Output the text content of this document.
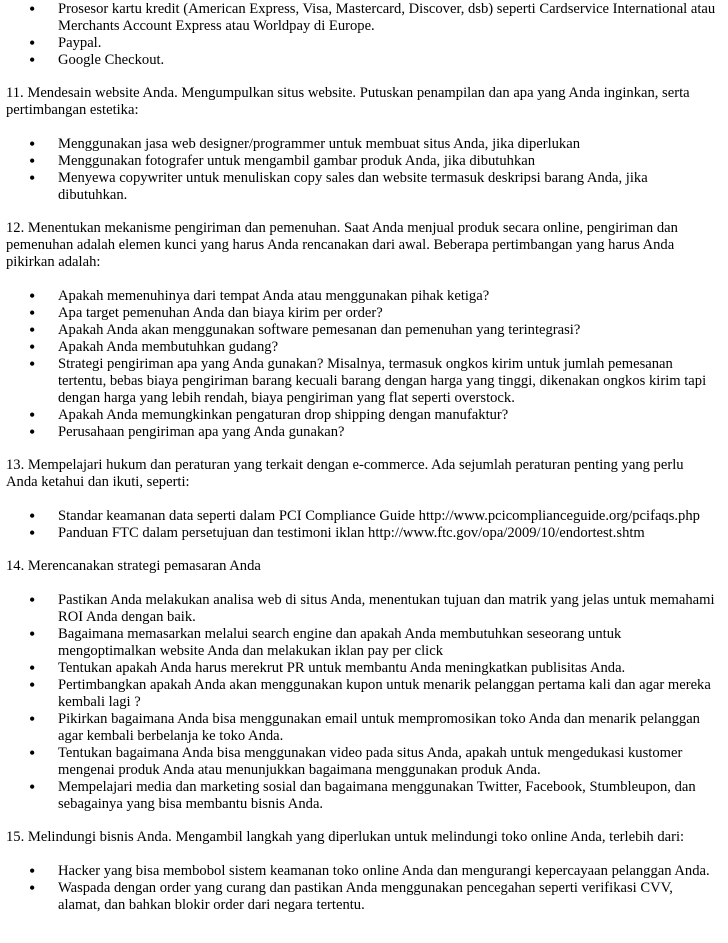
• Prosesor kartu kredit (American Express, Visa, Mastercard, Discover, dsb) seperti Cardservice International atau Merchants Account Express atau Worldpay di Europe.
• Paypal.
• Google Checkout.

11. Mendesain website Anda. Mengumpulkan situs website. Putuskan penampilan dan apa yang Anda inginkan, serta pertimbangan estetika:

• Menggunakan jasa web designer/programmer untuk membuat situs Anda, jika diperlukan
• Menggunakan fotografer untuk mengambil gambar produk Anda, jika dibutuhkan
• Menyewa copywriter untuk menuliskan copy sales dan website termasuk deskripsi barang Anda, jika dibutuhkan.

12. Menentukan mekanisme pengiriman dan pemenuhan. Saat Anda menjual produk secara online, pengiriman dan pemenuhan adalah elemen kunci yang harus Anda rencanakan dari awal. Beberapa pertimbangan yang harus Anda pikirkan adalah:

• Apakah memenuhinya dari tempat Anda atau menggunakan pihak ketiga?
• Apa target pemenuhan Anda dan biaya kirim per order?
• Apakah Anda akan menggunakan software pemesanan dan pemenuhan yang terintegrasi?
• Apakah Anda membutuhkan gudang?
• Strategi pengiriman apa yang Anda gunakan? Misalnya, termasuk ongkos kirim untuk jumlah pemesanan tertentu, bebas biaya pengiriman barang kecuali barang dengan harga yang tinggi, dikenakan ongkos kirim tapi dengan harga yang lebih rendah, biaya pengiriman yang flat seperti overstock.
• Apakah Anda memungkinkan pengaturan drop shipping dengan manufaktur?
• Perusahaan pengiriman apa yang Anda gunakan?

13. Mempelajari hukum dan peraturan yang terkait dengan e-commerce. Ada sejumlah peraturan penting yang perlu Anda ketahui dan ikuti, seperti:

• Standar keamanan data seperti dalam PCI Compliance Guide http://www.pcicomplianceguide.org/pcifaqs.php
• Panduan FTC dalam persetujuan dan testimoni iklan http://www.ftc.gov/opa/2009/10/endortest.shtm

14. Merencanakan strategi pemasaran Anda

• Pastikan Anda melakukan analisa web di situs Anda, menentukan tujuan dan matrik yang jelas untuk memahami ROI Anda dengan baik.
• Bagaimana memasarkan melalui search engine dan apakah Anda membutuhkan seseorang untuk mengoptimalkan website Anda dan melakukan iklan pay per click
• Tentukan apakah Anda harus merekrut PR untuk membantu Anda meningkatkan publisitas Anda.
• Pertimbangkan apakah Anda akan menggunakan kupon untuk menarik pelanggan pertama kali dan agar mereka kembali lagi ?
• Pikirkan bagaimana Anda bisa menggunakan email untuk mempromosikan toko Anda dan menarik pelanggan agar kembali berbelanja ke toko Anda.
• Tentukan bagaimana Anda bisa menggunakan video pada situs Anda, apakah untuk mengedukasi kustomer mengenai produk Anda atau menunjukkan bagaimana menggunakan produk Anda.
• Mempelajari media dan marketing sosial dan bagaimana menggunakan Twitter, Facebook, Stumbleupon, dan sebagainya yang bisa membantu bisnis Anda.

15. Melindungi bisnis Anda. Mengambil langkah yang diperlukan untuk melindungi toko online Anda, terlebih dari:

• Hacker yang bisa membobol sistem keamanan toko online Anda dan mengurangi kepercayaan pelanggan Anda.
• Waspada dengan order yang curang dan pastikan Anda menggunakan pencegahan seperti verifikasi CVV, alamat, dan bahkan blokir order dari negara tertentu.
